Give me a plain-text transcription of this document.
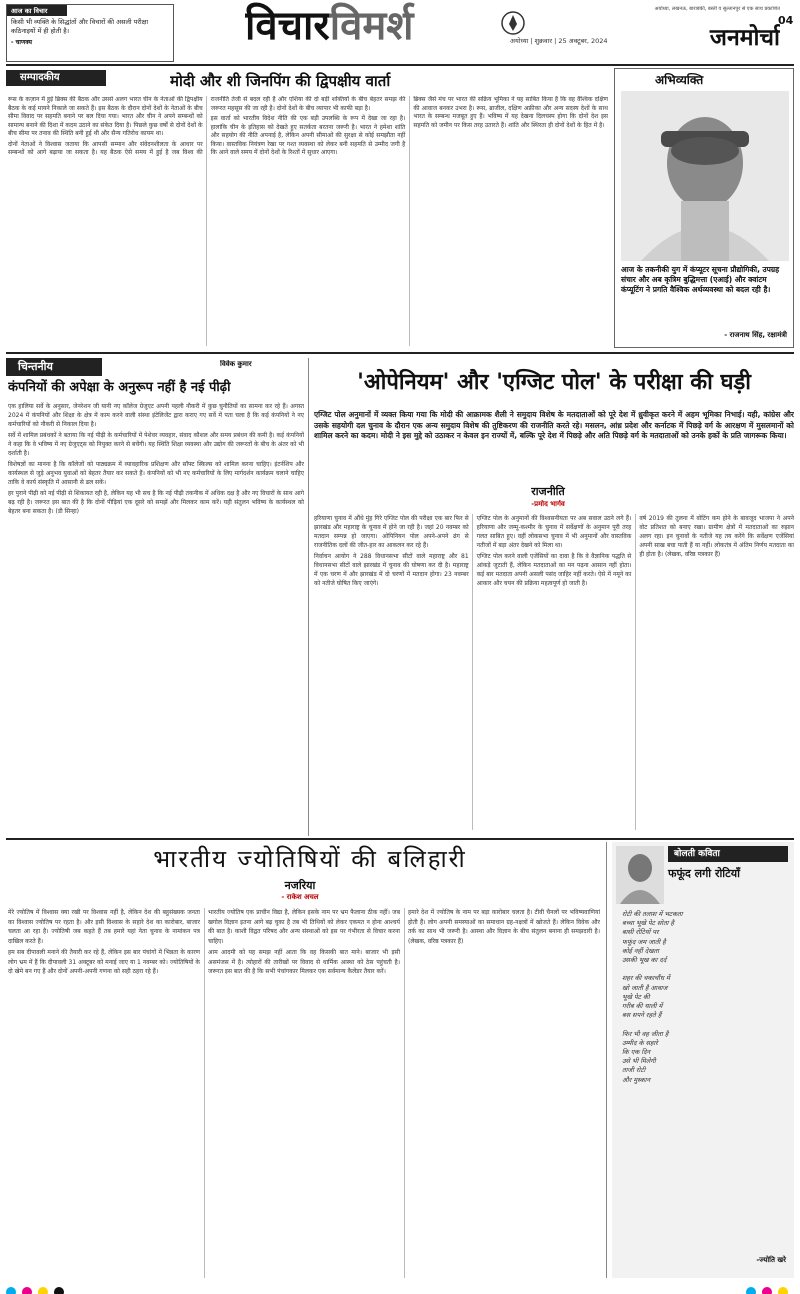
आज का विचार
किसी भी व्यक्ति के सिद्धांतों और विचारों की असली परीक्षा कठिनाइयों में ही होती है।
- चाणक्य	विचारविमर्श	जनमोर्चा
अयोध्या, लखनऊ, बाराबंकी, बस्ती व सुल्तानपुर से एक साथ प्रकाशित
अयोध्या | शुक्रवार | 25 अक्टूबर, 2024
04
सम्पादकीय	मोदी और शी जिनपिंग की द्विपक्षीय वार्ता

रूस के कज़ान में हुई ब्रिक्स की बैठक और उससे अलग भारत चीन के नेताओं की द्विपक्षीय बैठक के कई मायने निकाले जा सकते हैं। इस बैठक के दौरान दोनों देशों के नेताओं के बीच सीमा विवाद पर सहमति बनाने पर बल दिया गया। भारत और चीन ने अपने सम्बन्धों को सामान्य बनाने की दिशा में कदम उठाने का संकेत दिया है। पिछले कुछ वर्षों से दोनों देशों के बीच सीमा पर तनाव की स्थिति बनी हुई थी और सैन्य गतिरोध कायम था।

दोनों नेताओं ने विश्वास जताया कि आपसी सम्मान और संवेदनशीलता के आधार पर सम्बन्धों को आगे बढ़ाया जा सकता है। यह बैठक ऐसे समय में हुई है जब विश्व की राजनीति तेजी से बदल रही है और एशिया की दो बड़ी शक्तियों के बीच बेहतर समझ की जरूरत महसूस की जा रही है। दोनों देशों के बीच व्यापार भी काफी बड़ा है।

इस वार्ता को भारतीय विदेश नीति की एक बड़ी उपलब्धि के रूप में देखा जा रहा है। हालांकि चीन के इतिहास को देखते हुए सतर्कता बरतना जरूरी है। भारत ने हमेशा शांति और सहयोग की नीति अपनाई है, लेकिन अपनी सीमाओं की सुरक्षा से कोई समझौता नहीं किया। वास्तविक नियंत्रण रेखा पर गश्त व्यवस्था को लेकर बनी सहमति से उम्मीद जगी है कि आने वाले समय में दोनों देशों के रिश्तों में सुधार आएगा।

ब्रिक्स जैसे मंच पर भारत की सक्रिय भूमिका ने यह साबित किया है कि वह वैश्विक दक्षिण की आवाज बनकर उभरा है। रूस, ब्राजील, दक्षिण अफ्रीका और अन्य सदस्य देशों के साथ भारत के सम्बन्ध मजबूत हुए हैं। भविष्य में यह देखना दिलचस्प होगा कि दोनों देश इस सहमति को जमीन पर किस तरह उतारते हैं। शांति और स्थिरता ही दोनों देशों के हित में है।

अभिव्यक्ति
आज के तकनीकी युग में कंप्यूटर सूचना प्रौद्योगिकी, उपग्रह संचार और अब कृत्रिम बुद्धिमत्ता (एआई) और क्वांटम कंप्यूटिंग ने प्रगति वैश्विक अर्थव्यवस्था को बदल रही है।
- राजनाथ सिंह, रक्षामंत्री
चिन्तनीय	विवेक कुमार
कंपनियों की अपेक्षा के अनुरूप नहीं है नई पीढ़ी

एक हालिया सर्वे के अनुसार, जेनरेशन जी यानी नए कॉलेज ग्रेजुएट अपनी पहली नौकरी में कुछ चुनौतियों का सामना कर रहे हैं। अगस्त 2024 में कंपनियों और शिक्षा के क्षेत्र में काम करने वाली संस्था इंटेलिजेंट द्वारा कराए गए सर्वे में पता चला है कि कई कंपनियों ने नए कर्मचारियों को नौकरी से निकाल दिया है।

सर्वे में शामिल प्रबंधकों ने बताया कि नई पीढ़ी के कर्मचारियों में पेशेवर व्यवहार, संवाद कौशल और समय प्रबंधन की कमी है। कई कंपनियों ने कहा कि वे भविष्य में नए ग्रेजुएट्स को नियुक्त करने से बचेंगी। यह स्थिति शिक्षा व्यवस्था और उद्योग की जरूरतों के बीच के अंतर को भी दर्शाती है।

विशेषज्ञों का मानना है कि कॉलेजों को पाठ्यक्रम में व्यावहारिक प्रशिक्षण और सॉफ्ट स्किल्स को शामिल करना चाहिए। इंटर्नशिप और कार्यस्थल से जुड़े अनुभव युवाओं को बेहतर तैयार कर सकते हैं। कंपनियों को भी नए कर्मचारियों के लिए मार्गदर्शन कार्यक्रम चलाने चाहिए ताकि वे कार्य संस्कृति में आसानी से ढल सकें।

हर पुराने पीढ़ी को नई पीढ़ी से शिकायत रही है, लेकिन यह भी सच है कि नई पीढ़ी तकनीक में अधिक दक्ष है और नए विचारों के साथ आगे बढ़ रही है। जरूरत इस बात की है कि दोनों पीढ़ियां एक दूसरे को समझें और मिलकर काम करें। यही संतुलन भविष्य के कार्यस्थल को बेहतर बना सकता है। (डी सिन्हा)

'ओपेनियम' और 'एग्जिट पोल' के परीक्षा की घड़ी
एग्जिट पोल अनुमानों में व्यक्त किया गया कि मोदी की आक्रामक शैली ने समुदाय विशेष के मतदाताओं को पूरे देश में ध्रुवीकृत करने में अहम भूमिका निभाई। यही, कांग्रेस और उसके सहयोगी दल चुनाव के दौरान एक अन्य समुदाय विशेष की तुष्टिकरण की राजनीति करते रहे। मसलन, आंध्र प्रदेश और कर्नाटक में पिछड़े वर्ग के आरक्षण में मुसलमानों को शामिल करने का कदम। मोदी ने इस मुद्दे को उठाकर न केवल इन राज्यों में, बल्कि पूरे देश में पिछड़े और अति पिछड़े वर्ग के मतदाताओं को उनके हकों के प्रति जागरूक किया।
राजनीति
-प्रमोद भार्गव

हरियाणा चुनाव में औंधे मुंह गिरे एग्जिट पोल की परीक्षा एक बार फिर से झारखंड और महाराष्ट्र के चुनाव में होने जा रही है। जहां 20 नवम्बर को मतदान सम्पन्न हो जाएगा। ओपिनियन पोल अपने-अपने ढंग से राजनीतिक दलों की जीत-हार का आकलन कर रहे हैं।

निर्वाचन आयोग ने 288 विधानसभा सीटों वाले महाराष्ट्र और 81 विधानसभा सीटों वाले झारखंड में चुनाव की घोषणा कर दी है। महाराष्ट्र में एक चरण में और झारखंड में दो चरणों में मतदान होगा। 23 नवम्बर को नतीजे घोषित किए जाएंगे।

एग्जिट पोल के अनुमानों की विश्वसनीयता पर अब सवाल उठने लगे हैं। हरियाणा और जम्मू-कश्मीर के चुनाव में सर्वेक्षणों के अनुमान पूरी तरह गलत साबित हुए। वहीं लोकसभा चुनाव में भी अनुमानों और वास्तविक नतीजों में बड़ा अंतर देखने को मिला था।

एग्जिट पोल करने वाली एजेंसियों का दावा है कि वे वैज्ञानिक पद्धति से आंकड़े जुटाती हैं, लेकिन मतदाताओं का मन पढ़ना आसान नहीं होता। कई बार मतदाता अपनी असली पसंद जाहिर नहीं करते। ऐसे में नमूने का आकार और चयन की प्रक्रिया महत्वपूर्ण हो जाती है।

वर्ष 2019 की तुलना में वोटिंग कम होने के बावजूद भाजपा ने अपने वोट प्रतिशत को बनाए रखा। ग्रामीण क्षेत्रों में मतदाताओं का रुझान अलग रहा। इन चुनावों के नतीजे यह तय करेंगे कि सर्वेक्षण एजेंसियां अपनी साख बचा पाती हैं या नहीं। लोकतंत्र में अंतिम निर्णय मतदाता का ही होता है। (लेखक, वरिष्ठ पत्रकार हैं)

भारतीय ज्योतिषियों की बलिहारी
नजरिया
- राकेश अचल

मेरे ज्योतिष में विश्वास क्या रखी पर विश्वास नहीं है, लेकिन देश की बहुसंख्यक जनता का विश्वास ज्योतिष पर रहता है। और इसी विश्वास के सहारे देश का कारोबार, बाजार चलता आ रहा है। ज्योतिषी जब कहते हैं तब हमारे यहां नेता चुनाव के नामांकन पत्र दाखिल करते हैं।

हम सब दीपावली मनाने की तैयारी कर रहे हैं, लेकिन इस बार पंचांगों में भिन्नता के कारण लोग भ्रम में हैं कि दीपावली 31 अक्टूबर को मनाई जाए या 1 नवम्बर को। ज्योतिषियों के दो खेमे बन गए हैं और दोनों अपनी-अपनी गणना को सही ठहरा रहे हैं।

भारतीय ज्योतिष एक प्राचीन विद्या है, लेकिन इसके नाम पर भ्रम फैलाना ठीक नहीं। जब खगोल विज्ञान इतना आगे बढ़ चुका है तब भी तिथियों को लेकर एकमत न होना आश्चर्य की बात है। काशी विद्वत परिषद और अन्य संस्थाओं को इस पर गंभीरता से विचार करना चाहिए।

आम आदमी को यह समझ नहीं आता कि वह किसकी बात माने। बाजार भी इसी असमंजस में है। त्योहारों की तारीखों पर विवाद से धार्मिक आस्था को ठेस पहुंचती है। जरूरत इस बात की है कि सभी पंचांगकार मिलकर एक सर्वमान्य कैलेंडर तैयार करें।

हमारे देश में ज्योतिष के नाम पर बड़ा कारोबार चलता है। टीवी चैनलों पर भविष्यवाणियां होती हैं। लोग अपनी समस्याओं का समाधान ग्रह-नक्षत्रों में खोजते हैं। लेकिन विवेक और तर्क का साथ भी जरूरी है। आस्था और विज्ञान के बीच संतुलन बनाना ही समझदारी है। (लेखक, वरिष्ठ पत्रकार हैं)

बोलती कविता
फफूंद लगी रोटियाँ
रोटी की तलाश में भटकता
बच्चा भूखे पेट सोता है
बासी रोटियों पर
फफूंद जम जाती है
कोई नहीं देखता
उसकी भूख का दर्द

शहर की चकाचौंध में
खो जाती है आवाज
भूखे पेट की
गरीब की थाली में
बस सपने रहते हैं

फिर भी वह जीता है
उम्मीद के सहारे
कि एक दिन
उसे भी मिलेगी
ताजी रोटी
और मुस्कान
-ज्योति खरे
